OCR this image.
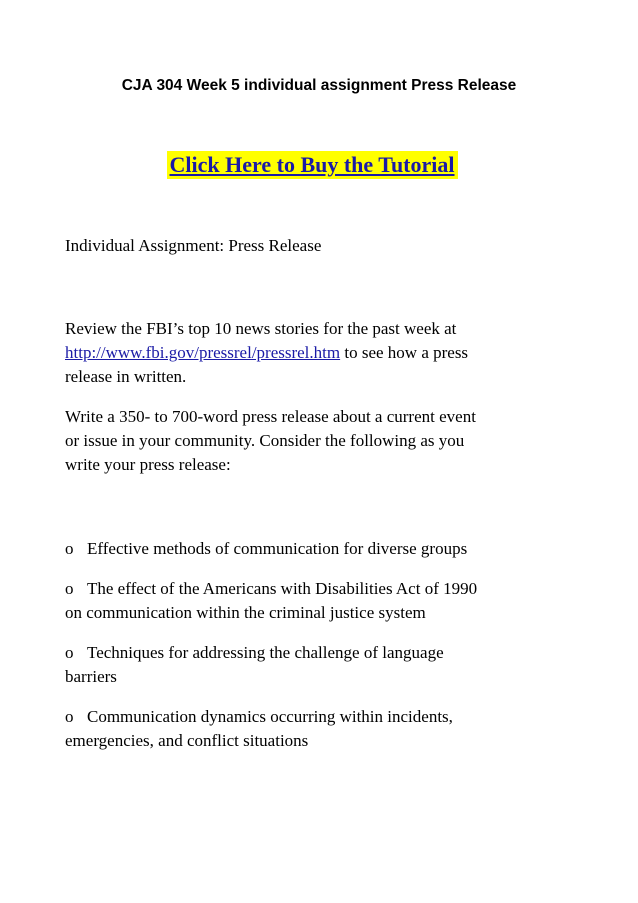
CJA 304 Week 5 individual assignment Press Release
Click Here to Buy the Tutorial
Individual Assignment: Press Release
Review the FBI’s top 10 news stories for the past week at
http://www.fbi.gov/pressrel/pressrel.htm to see how a press
release in written.
Write a 350- to 700-word press release about a current event
or issue in your community. Consider the following as you
write your press release:
o Effective methods of communication for diverse groups
o The effect of the Americans with Disabilities Act of 1990
on communication within the criminal justice system
o Techniques for addressing the challenge of language
barriers
o Communication dynamics occurring within incidents,
emergencies, and conflict situations
